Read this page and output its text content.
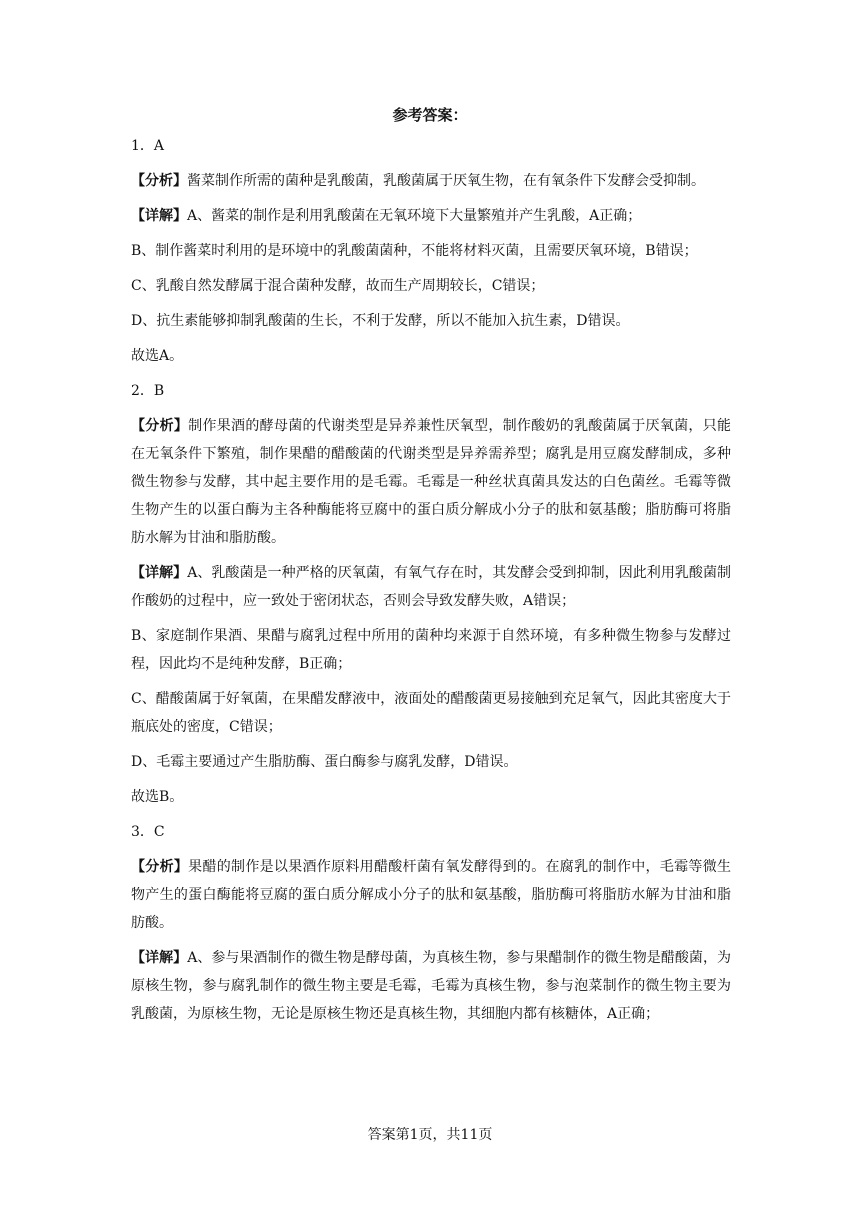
参考答案：

1．A

【分析】酱菜制作所需的菌种是乳酸菌，乳酸菌属于厌氧生物，在有氧条件下发酵会受抑制。

【详解】A、酱菜的制作是利用乳酸菌在无氧环境下大量繁殖并产生乳酸，A正确；

B、制作酱菜时利用的是环境中的乳酸菌菌种，不能将材料灭菌，且需要厌氧环境，B错误；

C、乳酸自然发酵属于混合菌种发酵，故而生产周期较长，C错误；

D、抗生素能够抑制乳酸菌的生长，不利于发酵，所以不能加入抗生素，D错误。

故选A。

2．B

【分析】制作果酒的酵母菌的代谢类型是异养兼性厌氧型，制作酸奶的乳酸菌属于厌氧菌，只能在无氧条件下繁殖，制作果醋的醋酸菌的代谢类型是异养需养型；腐乳是用豆腐发酵制成，多种微生物参与发酵，其中起主要作用的是毛霉。毛霉是一种丝状真菌具发达的白色菌丝。毛霉等微生物产生的以蛋白酶为主各种酶能将豆腐中的蛋白质分解成小分子的肽和氨基酸；脂肪酶可将脂肪水解为甘油和脂肪酸。

【详解】A、乳酸菌是一种严格的厌氧菌，有氧气存在时，其发酵会受到抑制，因此利用乳酸菌制作酸奶的过程中，应一致处于密闭状态，否则会导致发酵失败，A错误；

B、家庭制作果酒、果醋与腐乳过程中所用的菌种均来源于自然环境，有多种微生物参与发酵过程，因此均不是纯种发酵，B正确；

C、醋酸菌属于好氧菌，在果醋发酵液中，液面处的醋酸菌更易接触到充足氧气，因此其密度大于瓶底处的密度，C错误；

D、毛霉主要通过产生脂肪酶、蛋白酶参与腐乳发酵，D错误。

故选B。

3．C

【分析】果醋的制作是以果酒作原料用醋酸杆菌有氧发酵得到的。在腐乳的制作中，毛霉等微生物产生的蛋白酶能将豆腐的蛋白质分解成小分子的肽和氨基酸，脂肪酶可将脂肪水解为甘油和脂肪酸。

【详解】A、参与果酒制作的微生物是酵母菌，为真核生物，参与果醋制作的微生物是醋酸菌，为原核生物，参与腐乳制作的微生物主要是毛霉，毛霉为真核生物，参与泡菜制作的微生物主要为乳酸菌，为原核生物，无论是原核生物还是真核生物，其细胞内都有核糖体，A正确；

答案第1页，共11页
